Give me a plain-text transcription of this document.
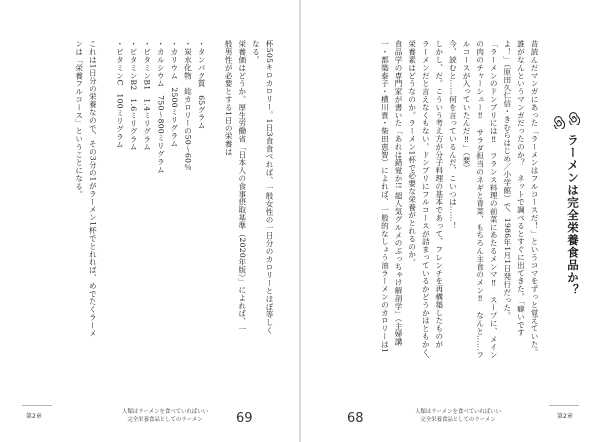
杯505キロカロリー。1日3食食べれば、一般女性の一日分のカロリーとほぼ等しく
なる。
栄養価はどうか。厚生労働省「日本人の食事摂取基準（2020年版）」によれば、一
般男性が必要とする1日の栄養は
・タンパク質　65グラム
・炭水化物　総カロリーの50〜60％
・カリウム　2500ミリグラム
・カルシウム　750〜800ミリグラム
・ビタミンB1　1.4ミリグラム
・ビタミンB2　1.6ミリグラム
・ビタミンC　100ミリグラム
これは1日分の栄養なので、その3分の1がラーメン1杯でとれれば、めでたくラーメ
ンは「栄養フルコース」ということになる。
第2章
人類はラーメンを食べていればいい
完全栄養食品としてのラーメン	69
ラーメンは完全栄養食品か？
昔読んだマンガにあった「ラーメンはフルコースだ！」というコマをずっと覚えていた。
誰がなんというマンガだったのか？　ネットで調べるとすぐに出てきた。「癖いです
よ！」（原田久仁信・きむらはじめ／小学館）で、1986年1月1日発行だった。
「ラーメンのドンブリには‼　フランス料理の前菜にあたるメンマ‼　スープに、メイン
の肉のチャーシュー‼　サラダ担当のネギと青菜、もちろん主食のメン‼　なんと……フ
ルコースが入っていたんだ‼」（要）
今、読むと……何を言っているんだ、こいつは……！
しかし、だ。こういう考え方が分子料理の基本であって、フレンチを再構築したものが
ラーメンだと言えなくもない。ドンブリにフルコースが詰まっているかどうかはともかく、
栄養素はどうなのか。ラーメン1杯で必要な栄養がとれるのか。
食品学の専門家が書いた「あれは錯覚か!! 超人気グルメのぶっちゃけ解剖学」（主婦講
一・都築泰子・横川貴・柴田恵智）によれば、一般的なしょう油ラーメンのカロリーは1
68	人類はラーメンを食べていればいい
完全栄養食品としてのラーメン	第2章
